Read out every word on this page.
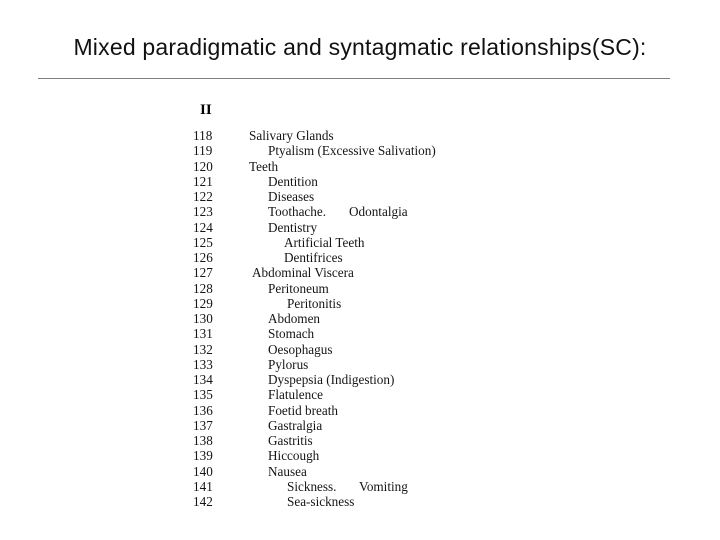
Mixed paradigmatic and syntagmatic relationships(SC):
II
118	Salivary Glands
119	Ptyalism (Excessive Salivation)
120	Teeth
121	Dentition
122	Diseases
123	Toothache. Odontalgia
124	Dentistry
125	Artificial Teeth
126	Dentifrices
127	Abdominal Viscera
128	Peritoneum
129	Peritonitis
130	Abdomen
131	Stomach
132	Oesophagus
133	Pylorus
134	Dyspepsia (Indigestion)
135	Flatulence
136	Foetid breath
137	Gastralgia
138	Gastritis
139	Hiccough
140	Nausea
141	Sickness. Vomiting
142	Sea-sickness
